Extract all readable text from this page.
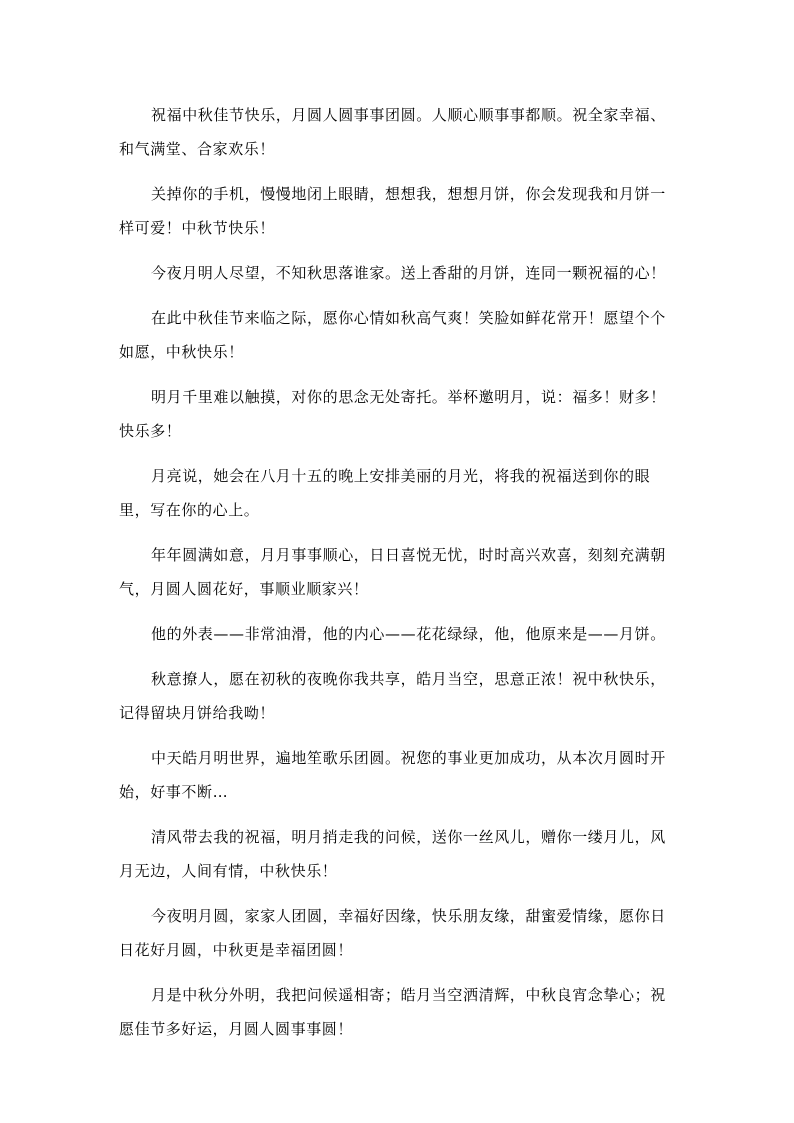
祝福中秋佳节快乐，月圆人圆事事团圆。人顺心顺事事都顺。祝全家幸福、和气满堂、合家欢乐！

关掉你的手机，慢慢地闭上眼睛，想想我，想想月饼，你会发现我和月饼一样可爱！中秋节快乐！

今夜月明人尽望，不知秋思落谁家。送上香甜的月饼，连同一颗祝福的心！

在此中秋佳节来临之际，愿你心情如秋高气爽！笑脸如鲜花常开！愿望个个如愿，中秋快乐！

明月千里难以触摸，对你的思念无处寄托。举杯邀明月，说：福多！财多！快乐多！

月亮说，她会在八月十五的晚上安排美丽的月光，将我的祝福送到你的眼里，写在你的心上。

年年圆满如意，月月事事顺心，日日喜悦无忧，时时高兴欢喜，刻刻充满朝气，月圆人圆花好，事顺业顺家兴！

他的外表——非常油滑，他的内心——花花绿绿，他，他原来是——月饼。

秋意撩人，愿在初秋的夜晚你我共享，皓月当空，思意正浓！祝中秋快乐，记得留块月饼给我呦！

中天皓月明世界，遍地笙歌乐团圆。祝您的事业更加成功，从本次月圆时开始，好事不断…

清风带去我的祝福，明月捎走我的问候，送你一丝风儿，赠你一缕月儿，风月无边，人间有情，中秋快乐！

今夜明月圆，家家人团圆，幸福好因缘，快乐朋友缘，甜蜜爱情缘，愿你日日花好月圆，中秋更是幸福团圆！

月是中秋分外明，我把问候遥相寄；皓月当空洒清辉，中秋良宵念挚心；祝愿佳节多好运，月圆人圆事事圆！
